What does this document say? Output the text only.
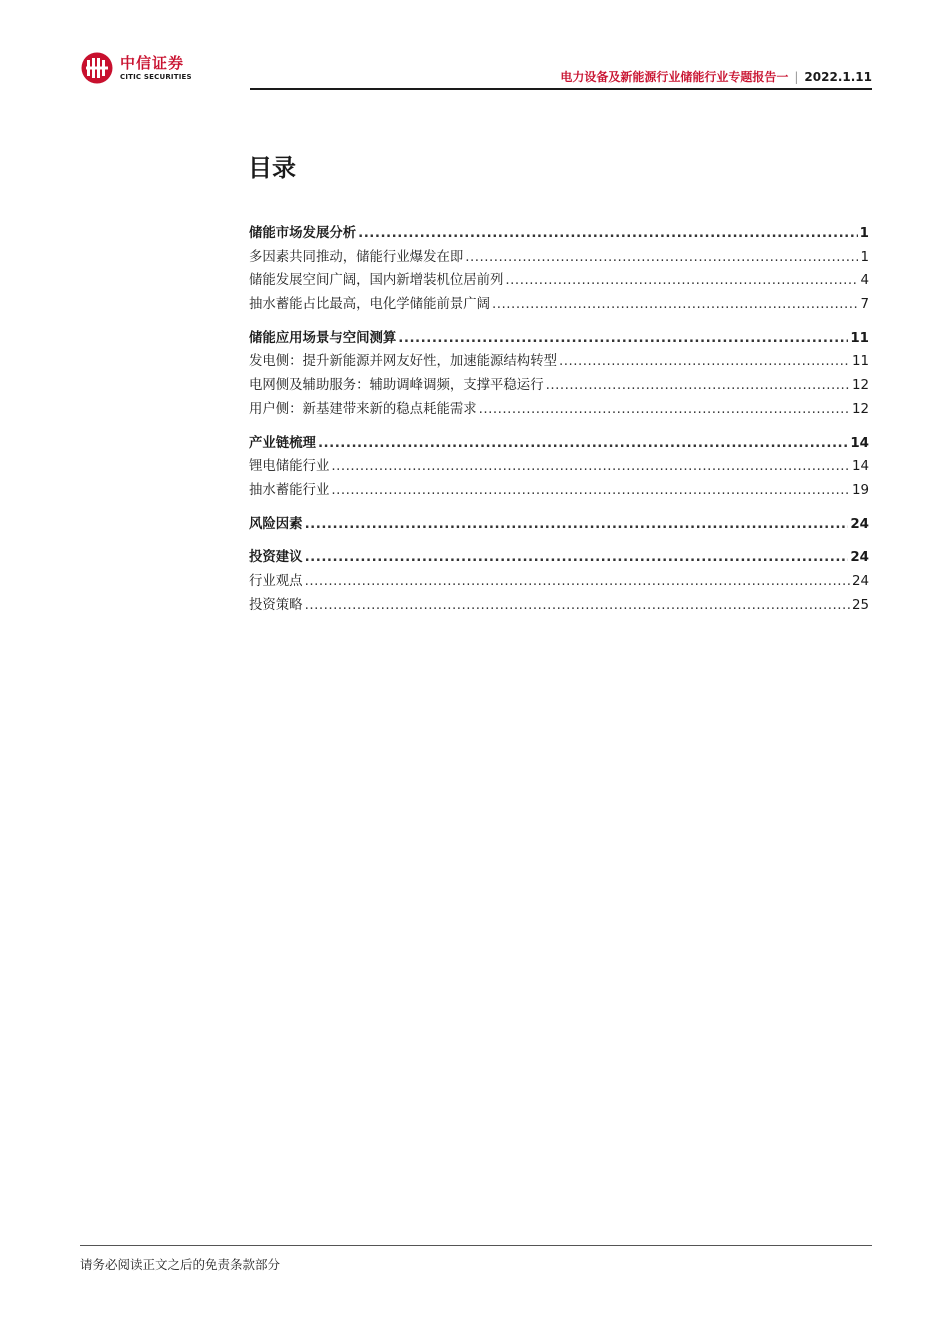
中信证券
CITIC SECURITIES	电力设备及新能源行业储能行业专题报告一 | 2022.1.11
目录
储能市场发展分析 .....	1
多因素共同推动，储能行业爆发在即 .....	1
储能发展空间广阔，国内新增装机位居前列 .....	4
抽水蓄能占比最高，电化学储能前景广阔 .....	7
储能应用场景与空间测算 .....	11
发电侧：提升新能源并网友好性，加速能源结构转型 .....	11
电网侧及辅助服务：辅助调峰调频，支撑平稳运行 .....	12
用户侧：新基建带来新的稳点耗能需求 .....	12
产业链梳理 .....	14
锂电储能行业 .....	14
抽水蓄能行业 .....	19
风险因素 .....	24
投资建议 .....	24
行业观点 .....	24
投资策略 .....	25
请务必阅读正文之后的免责条款部分
